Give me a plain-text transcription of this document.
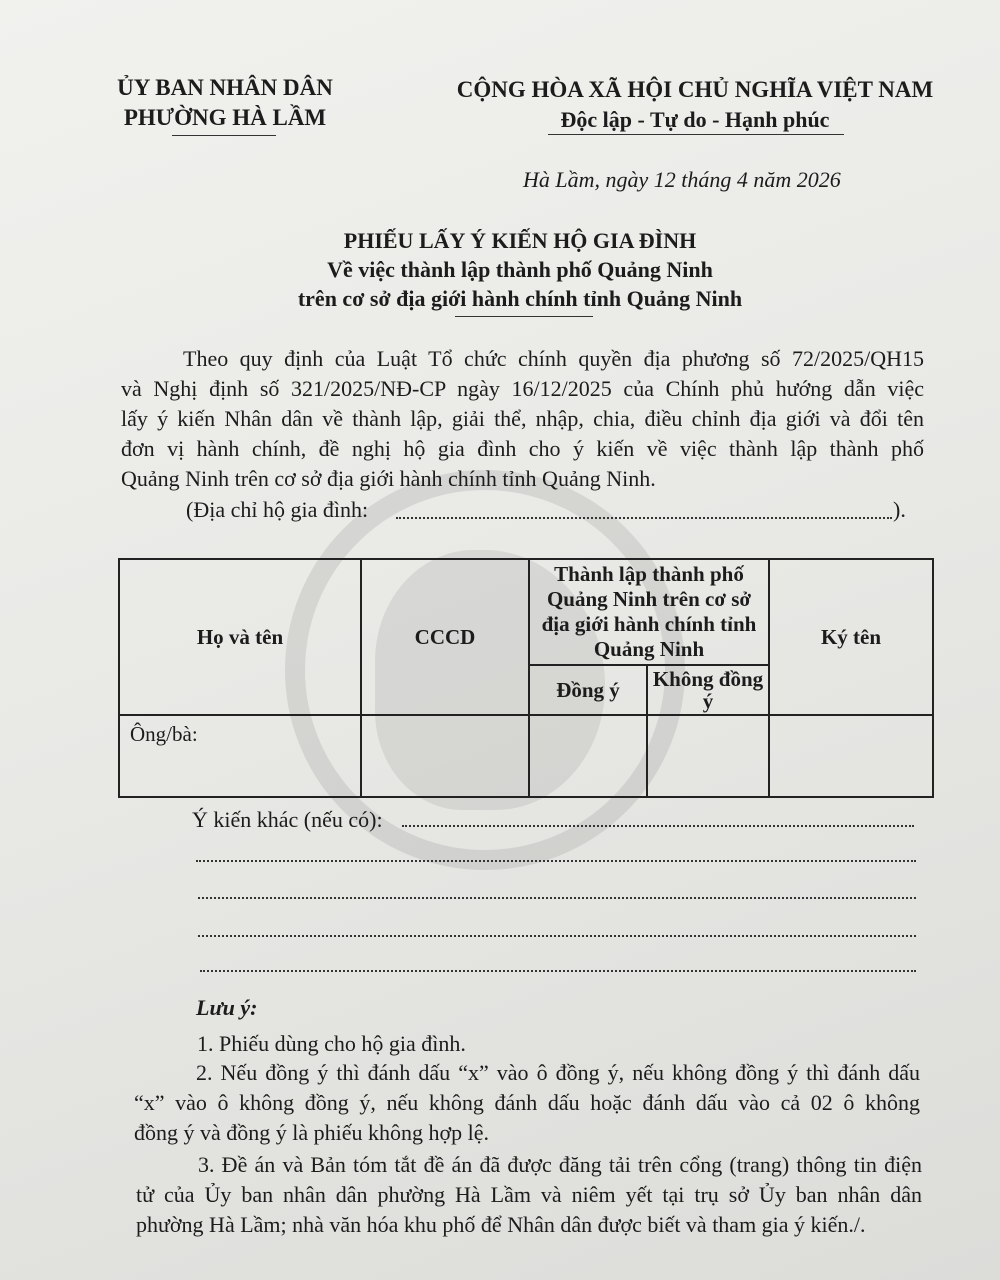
ỦY BAN NHÂN DÂN
PHƯỜNG HÀ LẦM
CỘNG HÒA XÃ HỘI CHỦ NGHĨA VIỆT NAM
Độc lập - Tự do - Hạnh phúc
Hà Lầm, ngày 12 tháng 4 năm 2026
PHIẾU LẤY Ý KIẾN HỘ GIA ĐÌNH
Về việc thành lập thành phố Quảng Ninh
trên cơ sở địa giới hành chính tỉnh Quảng Ninh
Theo quy định của Luật Tổ chức chính quyền địa phương số 72/2025/QH15
và Nghị định số 321/2025/NĐ-CP ngày 16/12/2025 của Chính phủ hướng dẫn việc
lấy ý kiến Nhân dân về thành lập, giải thể, nhập, chia, điều chỉnh địa giới và đổi tên
đơn vị hành chính, đề nghị hộ gia đình cho ý kiến về việc thành lập thành phố
Quảng Ninh trên cơ sở địa giới hành chính tỉnh Quảng Ninh.
(Địa chỉ hộ gia đình:	).
Họ và tên	CCCD	Thành lập thành phố Quảng Ninh trên cơ sở địa giới hành chính tỉnh Quảng Ninh		Ký tên
		Đồng ý	Không đồng ý	
Ông/bà:				
Ý kiến khác (nếu có):
Lưu ý:
1. Phiếu dùng cho hộ gia đình.
2. Nếu đồng ý thì đánh dấu “x” vào ô đồng ý, nếu không đồng ý thì đánh dấu
“x” vào ô không đồng ý, nếu không đánh dấu hoặc đánh dấu vào cả 02 ô không
đồng ý và đồng ý là phiếu không hợp lệ.
3. Đề án và Bản tóm tắt đề án đã được đăng tải trên cổng (trang) thông tin điện
tử của Ủy ban nhân dân phường Hà Lầm và niêm yết tại trụ sở Ủy ban nhân dân
phường Hà Lầm; nhà văn hóa khu phố để Nhân dân được biết và tham gia ý kiến./.
